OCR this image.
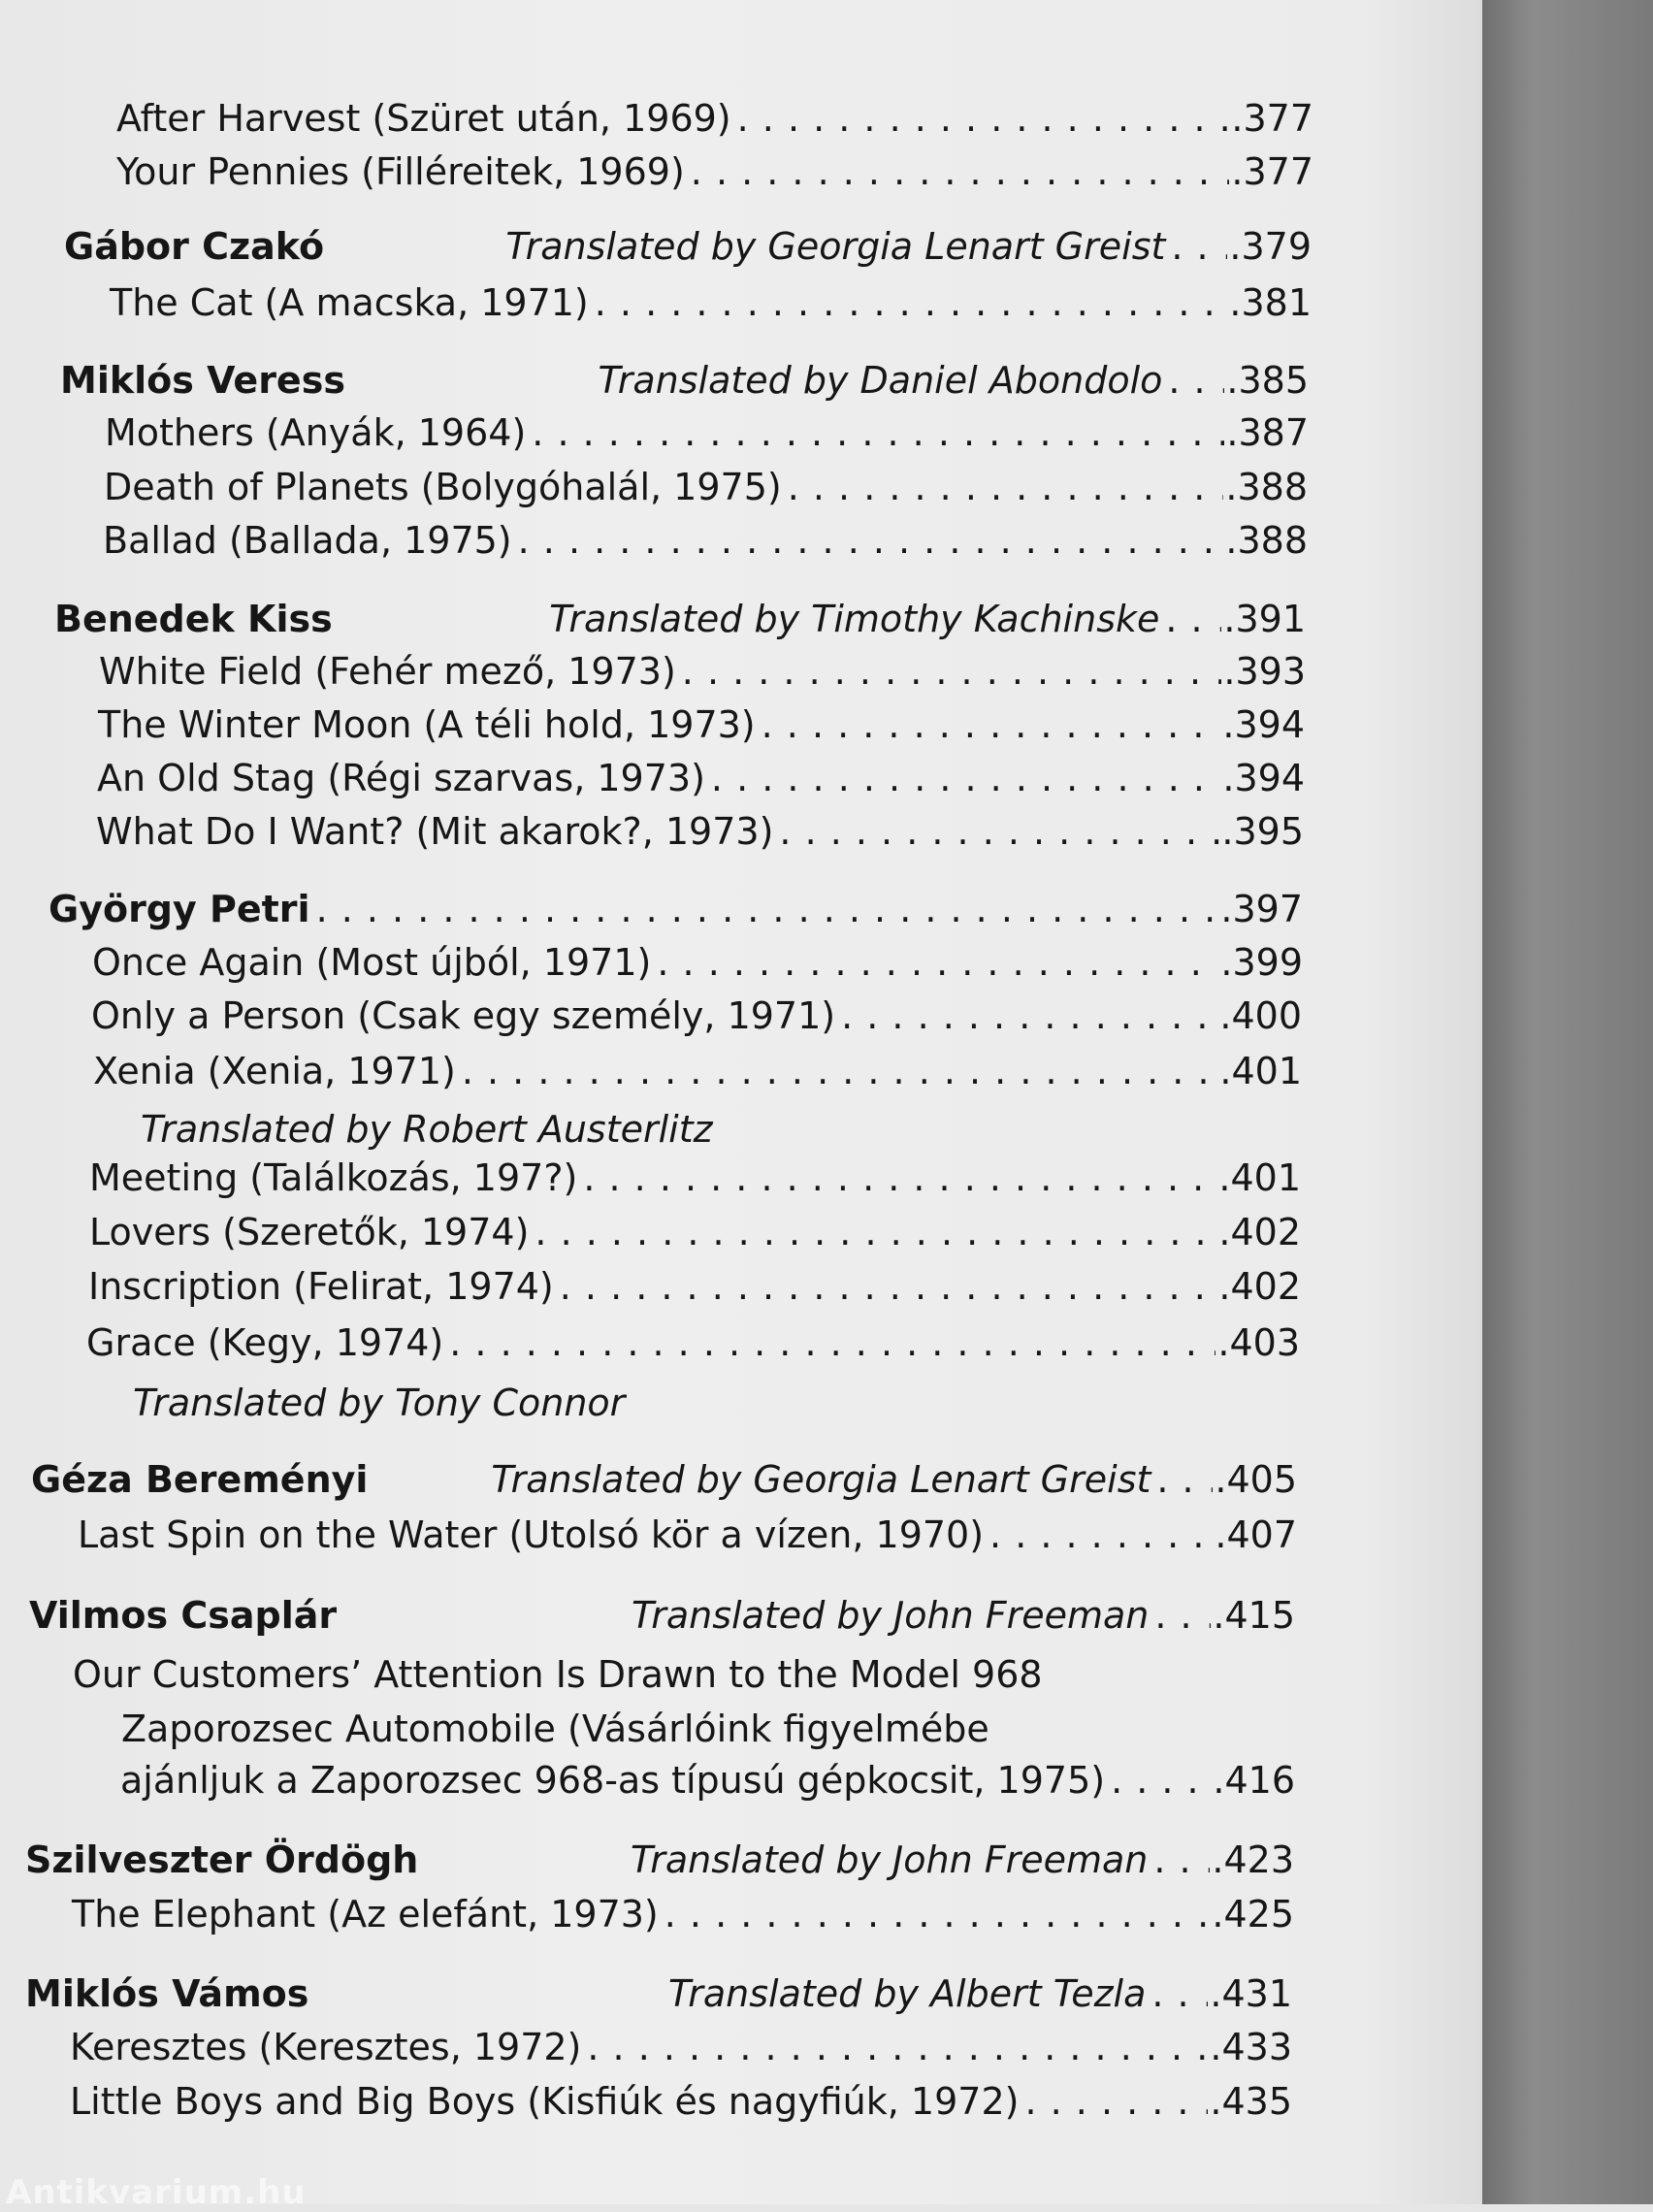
After Harvest (Szüret után, 1969) . . .	.377
Your Pennies (Filléreitek, 1969) . . .	.377
Gábor Czakó	Translated by Georgia Lenart Greist . . . .379
The Cat (A macska, 1971) . . .	.381
Miklós Veress	Translated by Daniel Abondolo . . . .385
Mothers (Anyák, 1964) . . .	.387
Death of Planets (Bolygóhalál, 1975) . . .	.388
Ballad (Ballada, 1975) . . .	.388
Benedek Kiss	Translated by Timothy Kachinske . . . .391
White Field (Fehér mező, 1973) . . .	.393
The Winter Moon (A téli hold, 1973) . . .	.394
An Old Stag (Régi szarvas, 1973) . . .	.394
What Do I Want? (Mit akarok?, 1973) . . .	.395
György Petri . . .	.397
Once Again (Most újból, 1971) . . .	.399
Only a Person (Csak egy személy, 1971) . . .	.400
Xenia (Xenia, 1971) . . .	.401
Translated by Robert Austerlitz
Meeting (Találkozás, 197?) . . .	.401
Lovers (Szeretők, 1974) . . .	.402
Inscription (Felirat, 1974) . . .	.402
Grace (Kegy, 1974) . . .	.403
Translated by Tony Connor
Géza Bereményi	Translated by Georgia Lenart Greist . . . .405
Last Spin on the Water (Utolsó kör a vízen, 1970) . . .	.407
Vilmos Csaplár	Translated by John Freeman . . . .415
Our Customers’ Attention Is Drawn to the Model 968
Zaporozsec Automobile (Vásárlóink figyelmébe
ajánljuk a Zaporozsec 968-as típusú gépkocsit, 1975) . . .	.416
Szilveszter Ördögh	Translated by John Freeman . . . .423
The Elephant (Az elefánt, 1973) . . .	.425
Miklós Vámos	Translated by Albert Tezla . . . .431
Keresztes (Keresztes, 1972) . . .	.433
Little Boys and Big Boys (Kisfiúk és nagyfiúk, 1972) . . .	.435
Antikvarium.hu
